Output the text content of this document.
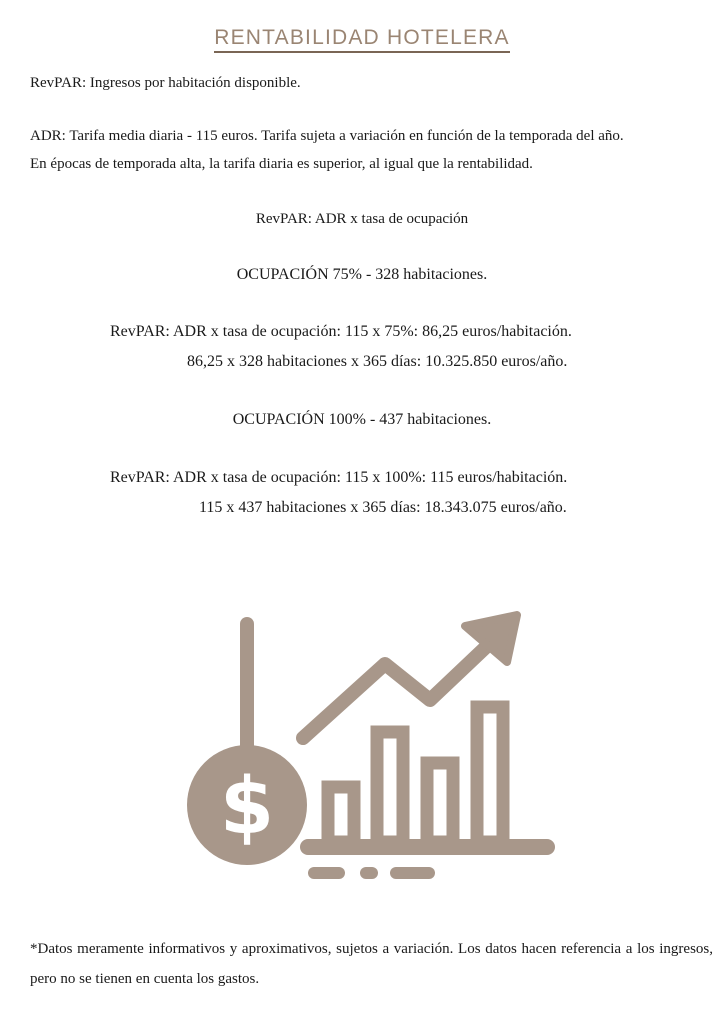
RENTABILIDAD HOTELERA
RevPAR: Ingresos por habitación disponible.
ADR: Tarifa media diaria - 115 euros. Tarifa sujeta a variación en función de la temporada del año.
En épocas de temporada alta, la tarifa diaria es superior, al igual que la rentabilidad.
RevPAR: ADR x tasa de ocupación
OCUPACIÓN 75% - 328 habitaciones.
RevPAR: ADR x tasa de ocupación: 115 x 75%: 86,25 euros/habitación.
86,25 x 328 habitaciones x 365 días: 10.325.850 euros/año.
OCUPACIÓN 100% - 437 habitaciones.
RevPAR: ADR x tasa de ocupación: 115 x 100%: 115 euros/habitación.
115 x 437 habitaciones x 365 días: 18.343.075 euros/año.
$
*Datos meramente informativos y aproximativos, sujetos a variación. Los datos hacen referencia a los ingresos, pero no se tienen en cuenta los gastos.
